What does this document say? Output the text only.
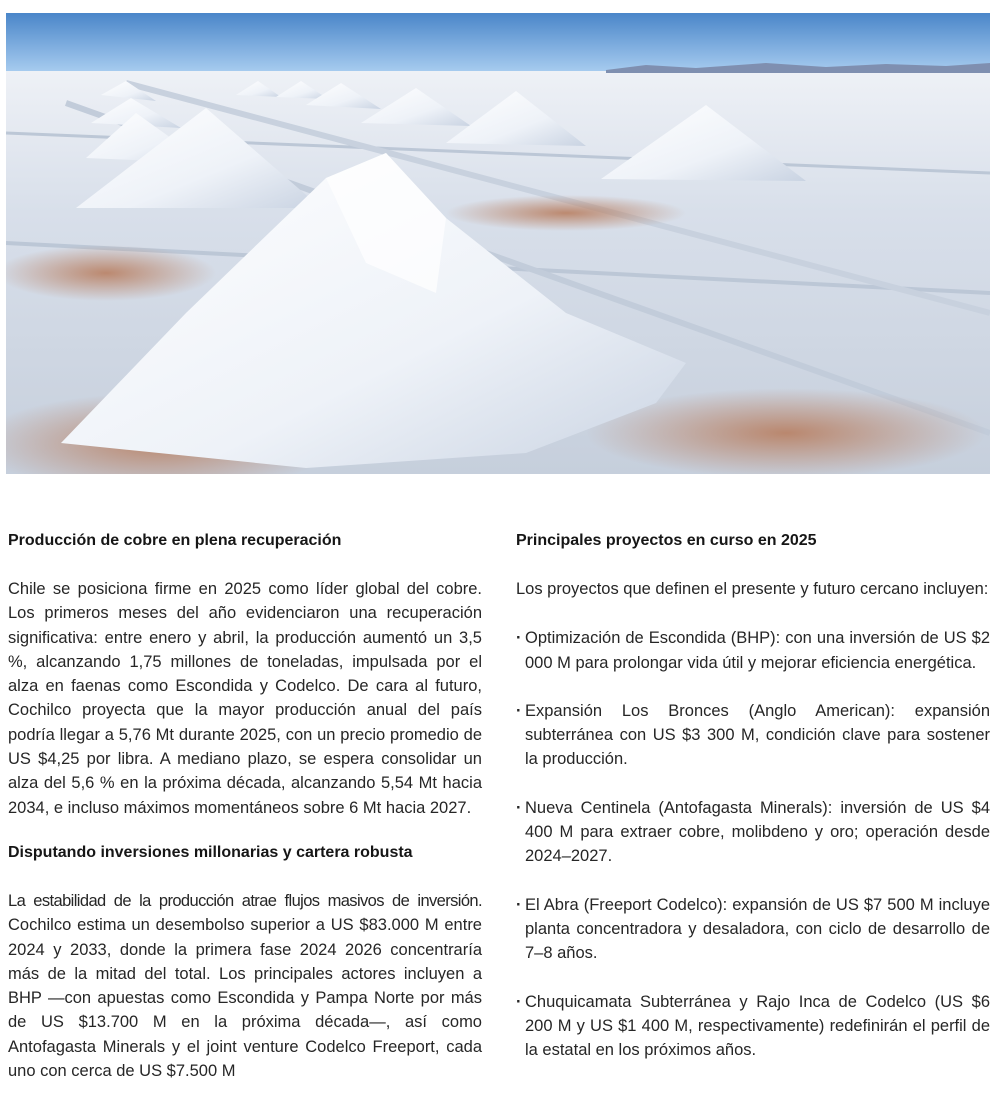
Producción de cobre en plena recuperación

Chile se posiciona firme en 2025 como líder global del cobre. Los primeros meses del año evidenciaron una recuperación significativa: entre enero y abril, la producción aumentó un 3,5 %, alcanzando 1,75 millones de toneladas, impulsada por el alza en faenas como Escondida y Codelco. De cara al futuro, Cochilco proyecta que la mayor producción anual del país podría llegar a 5,76 Mt durante 2025, con un precio promedio de US $4,25 por libra. A mediano plazo, se espera consolidar un alza del 5,6 % en la próxima década, alcanzando 5,54 Mt hacia 2034, e incluso máximos momentáneos sobre 6 Mt hacia 2027.

Disputando inversiones millonarias y cartera robusta

La estabilidad de la producción atrae flujos masivos de inversión. Cochilco estima un desembolso superior a US $83.000 M entre 2024 y 2033, donde la primera fase 2024 2026 concentraría más de la mitad del total. Los principales actores incluyen a BHP —con apuestas como Escondida y Pampa Norte por más de US $13.700 M en la próxima década—, así como Antofagasta Minerals y el joint venture Codelco Freeport, cada uno con cerca de US $7.500 M

Principales proyectos en curso en 2025

Los proyectos que definen el presente y futuro cercano incluyen:

· Optimización de Escondida (BHP): con una inversión de US $2 000 M para prolongar vida útil y mejorar eficiencia energética.
· Expansión Los Bronces (Anglo American): expansión subterránea con US $3 300 M, condición clave para sostener la producción.
· Nueva Centinela (Antofagasta Minerals): inversión de US $4 400 M para extraer cobre, molibdeno y oro; operación desde 2024–2027.
· El Abra (Freeport Codelco): expansión de US $7 500 M incluye planta concentradora y desaladora, con ciclo de desarrollo de 7–8 años.
· Chuquicamata Subterránea y Rajo Inca de Codelco (US $6 200 M y US $1 400 M, respectivamente) redefinirán el perfil de la estatal en los próximos años.
